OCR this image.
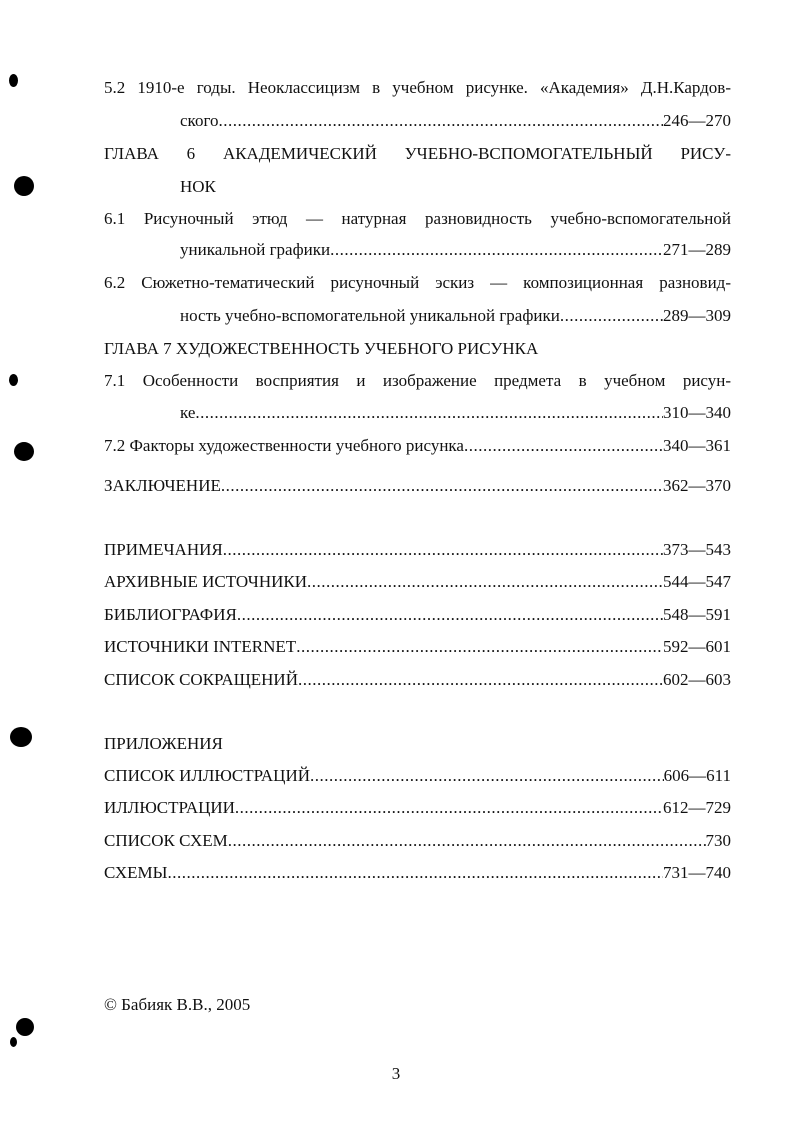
5.2 1910-е годы. Неоклассицизм в учебном рисунке. «Академия» Д.Н.Кардов-
ского .....	246—270
ГЛАВА 6 АКАДЕМИЧЕСКИЙ УЧЕБНО-ВСПОМОГАТЕЛЬНЫЙ РИСУ-
НОК
6.1 Рисуночный этюд — натурная разновидность учебно-вспомогательной
уникальной графики .....	271—289
6.2 Сюжетно-тематический рисуночный эскиз — композиционная разновид-
ность учебно-вспомогательной уникальной графики .....	289—309
ГЛАВА 7 ХУДОЖЕСТВЕННОСТЬ УЧЕБНОГО РИСУНКА
7.1 Особенности восприятия и изображение предмета в учебном рисун-
ке .....	310—340
7.2 Факторы художественности учебного рисунка .....	340—361
ЗАКЛЮЧЕНИЕ .....	362—370
ПРИМЕЧАНИЯ .....	373—543
АРХИВНЫЕ ИСТОЧНИКИ .....	544—547
БИБЛИОГРАФИЯ .....	548—591
ИСТОЧНИКИ INTERNET .....	592—601
СПИСОК СОКРАЩЕНИЙ .....	602—603
ПРИЛОЖЕНИЯ
СПИСОК ИЛЛЮСТРАЦИЙ .....	606—611
ИЛЛЮСТРАЦИИ .....	612—729
СПИСОК СХЕМ .....	730
СХЕМЫ .....	731—740
© Бабияк В.В., 2005
3
